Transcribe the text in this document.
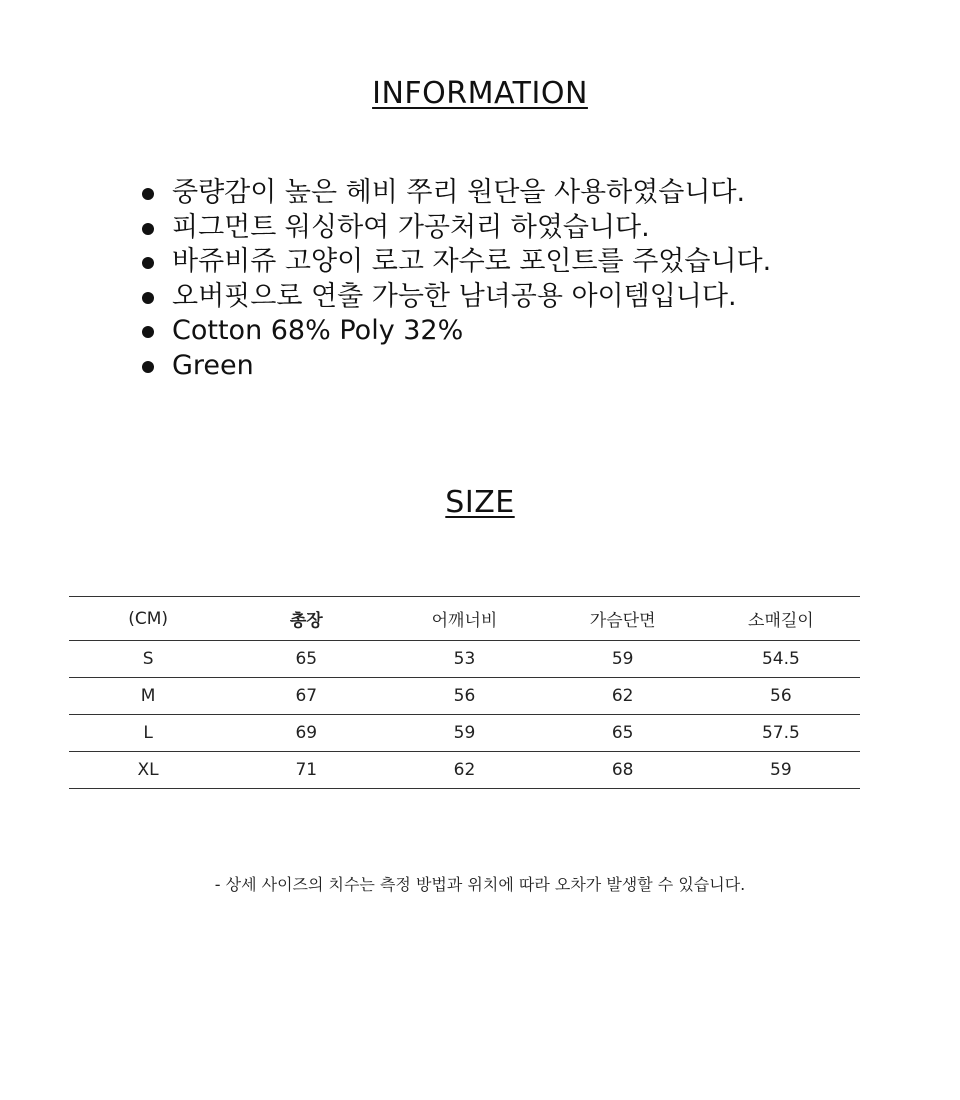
INFORMATION
중량감이 높은 헤비 쭈리 원단을 사용하였습니다.
피그먼트 워싱하여 가공처리 하였습니다.
바쥬비쥬 고양이 로고 자수로 포인트를 주었습니다.
오버핏으로 연출 가능한 남녀공용 아이템입니다.
Cotton 68% Poly 32%
Green
SIZE
(CM)	총장	어깨너비	가슴단면	소매길이
S	65	53	59	54.5
M	67	56	62	56
L	69	59	65	57.5
XL	71	62	68	59
- 상세 사이즈의 치수는 측정 방법과 위치에 따라 오차가 발생할 수 있습니다.
